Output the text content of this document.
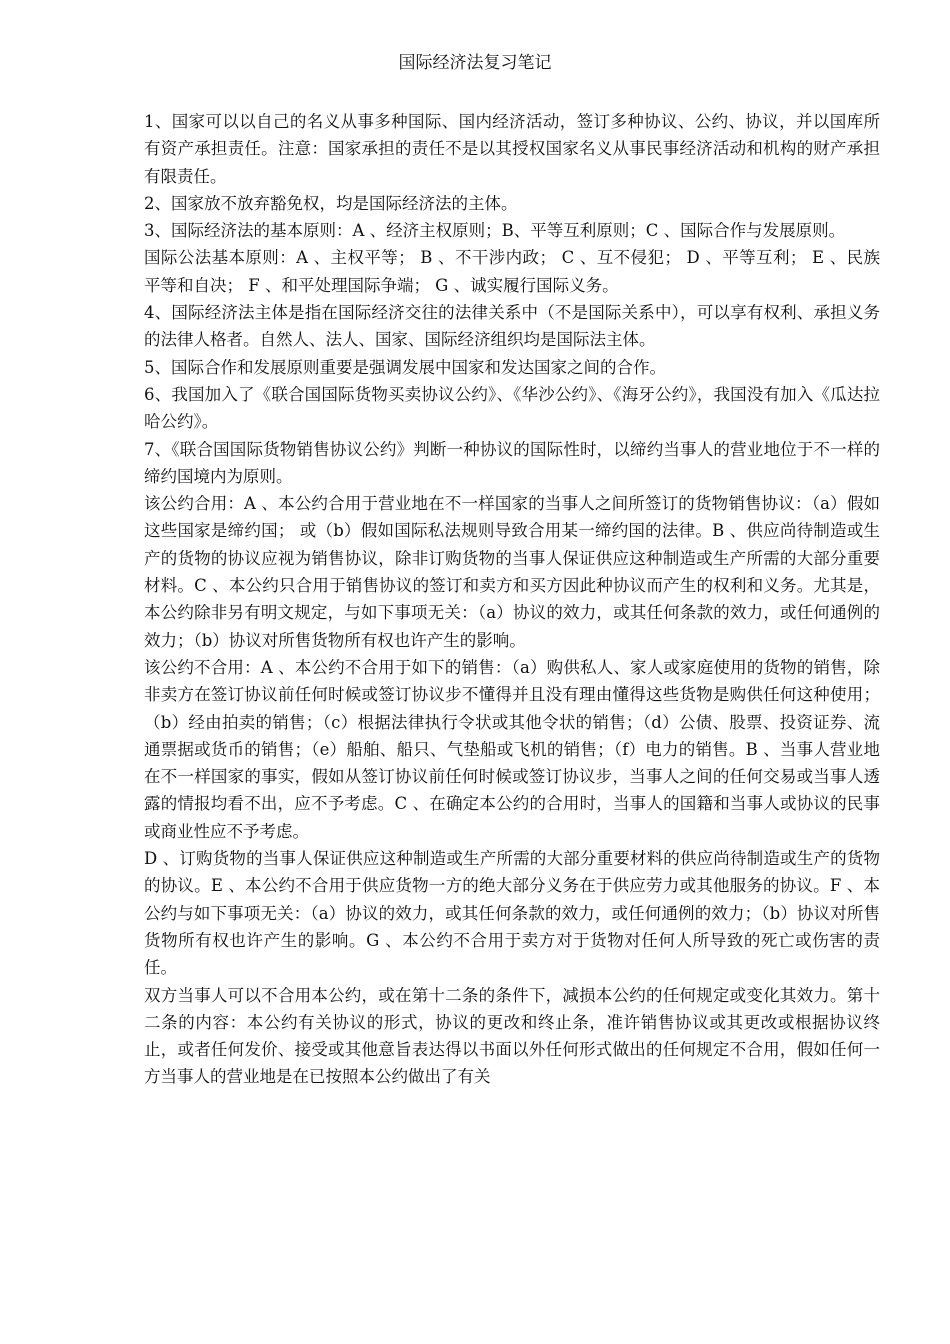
国际经济法复习笔记

1、国家可以以自己的名义从事多种国际、国内经济活动，签订多种协议、公约、协议，并以国库所有资产承担责任。注意：国家承担的责任不是以其授权国家名义从事民事经济活动和机构的财产承担有限责任。

2、国家放不放弃豁免权，均是国际经济法的主体。

3、国际经济法的基本原则：A 、经济主权原则；B、平等互利原则；C 、国际合作与发展原则。

国际公法基本原则：A 、主权平等； B 、不干涉内政； C 、互不侵犯； D 、平等互利； E 、民族平等和自决； F 、和平处理国际争端； G 、诚实履行国际义务。

4、国际经济法主体是指在国际经济交往的法律关系中（不是国际关系中），可以享有权利、承担义务的法律人格者。自然人、法人、国家、国际经济组织均是国际法主体。

5、国际合作和发展原则重要是强调发展中国家和发达国家之间的合作。

6、我国加入了《联合国国际货物买卖协议公约》、《华沙公约》、《海牙公约》，我国没有加入《瓜达拉哈公约》。

7、《联合国国际货物销售协议公约》判断一种协议的国际性时，以缔约当事人的营业地位于不一样的缔约国境内为原则。

该公约合用：A 、本公约合用于营业地在不一样国家的当事人之间所签订的货物销售协议：（a）假如这些国家是缔约国； 或（b）假如国际私法规则导致合用某一缔约国的法律。B 、供应尚待制造或生产的货物的协议应视为销售协议，除非订购货物的当事人保证供应这种制造或生产所需的大部分重要材料。C 、本公约只合用于销售协议的签订和卖方和买方因此种协议而产生的权利和义务。尤其是，本公约除非另有明文规定，与如下事项无关：（a）协议的效力，或其任何条款的效力，或任何通例的效力；（b）协议对所售货物所有权也许产生的影响。

该公约不合用：A 、本公约不合用于如下的销售：（a）购供私人、家人或家庭使用的货物的销售，除非卖方在签订协议前任何时候或签订协议步不懂得并且没有理由懂得这些货物是购供任何这种使用；（b）经由拍卖的销售；（c）根据法律执行令状或其他令状的销售；（d）公债、股票、投资证券、流通票据或货币的销售；（e）船舶、船只、气垫船或飞机的销售；（f）电力的销售。B 、当事人营业地在不一样国家的事实，假如从签订协议前任何时候或签订协议步，当事人之间的任何交易或当事人透露的情报均看不出，应不予考虑。C 、在确定本公约的合用时，当事人的国籍和当事人或协议的民事或商业性应不予考虑。

D 、订购货物的当事人保证供应这种制造或生产所需的大部分重要材料的供应尚待制造或生产的货物的协议。E 、本公约不合用于供应货物一方的绝大部分义务在于供应劳力或其他服务的协议。F 、本公约与如下事项无关：（a）协议的效力，或其任何条款的效力，或任何通例的效力；（b）协议对所售货物所有权也许产生的影响。G 、本公约不合用于卖方对于货物对任何人所导致的死亡或伤害的责任。

双方当事人可以不合用本公约，或在第十二条的条件下，减损本公约的任何规定或变化其效力。第十二条的内容：本公约有关协议的形式，协议的更改和终止条，准许销售协议或其更改或根据协议终止，或者任何发价、接受或其他意旨表达得以书面以外任何形式做出的任何规定不合用，假如任何一方当事人的营业地是在已按照本公约做出了有关
